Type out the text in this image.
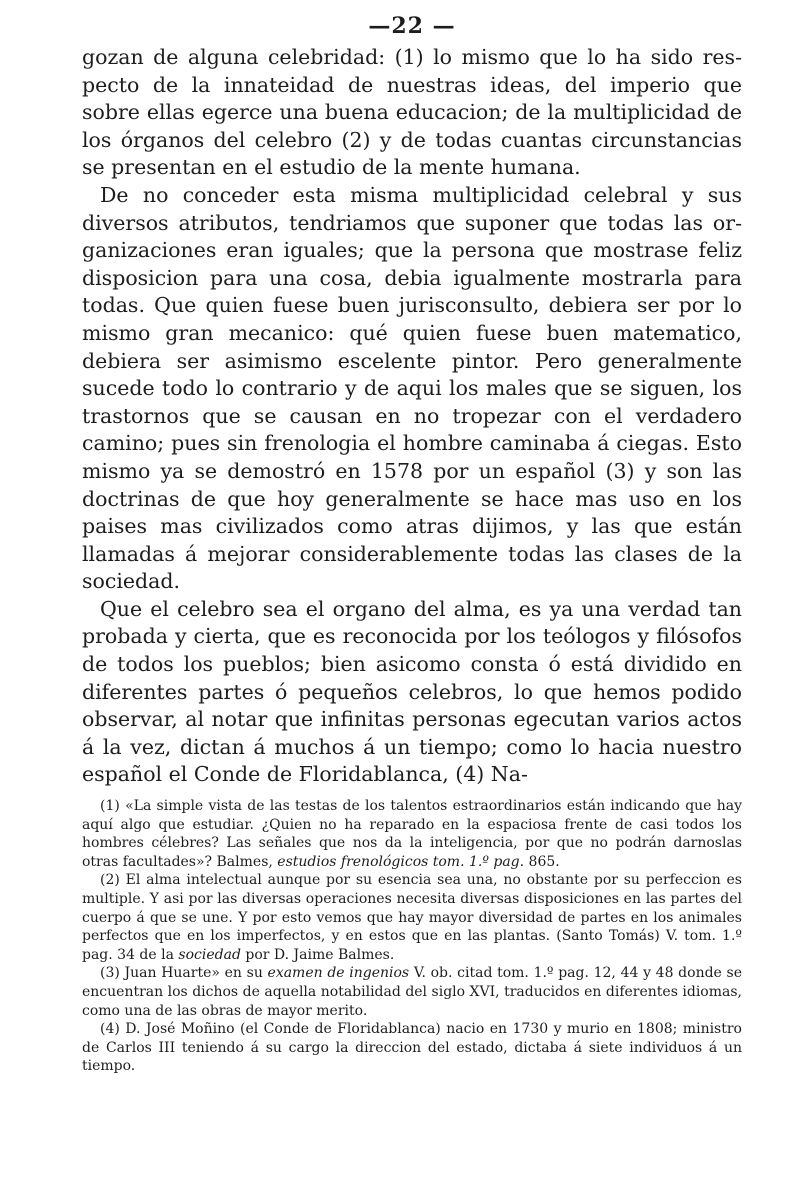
—22 —

gozan de alguna celebridad: (1) lo mismo que lo ha sido respecto de la innateidad de nuestras ideas, del imperio que sobre ellas egerce una buena educacion; de la multiplicidad de los órganos del celebro (2) y de todas cuantas circunstancias se presentan en el estudio de la mente humana.

De no conceder esta misma multiplicidad celebral y sus diversos atributos, tendriamos que suponer que todas las organizaciones eran iguales; que la persona que mostrase feliz disposicion para una cosa, debia igualmente mostrarla para todas. Que quien fuese buen jurisconsulto, debiera ser por lo mismo gran mecanico: qué quien fuese buen matematico, debiera ser asimismo escelente pintor. Pero generalmente sucede todo lo contrario y de aqui los males que se siguen, los trastornos que se causan en no tropezar con el verdadero camino; pues sin frenologia el hombre caminaba á ciegas. Esto mismo ya se demostró en 1578 por un español (3) y son las doctrinas de que hoy generalmente se hace mas uso en los paises mas civilizados como atras dijimos, y las que están llamadas á mejorar considerablemente todas las clases de la sociedad.

Que el celebro sea el organo del alma, es ya una verdad tan probada y cierta, que es reconocida por los teólogos y filósofos de todos los pueblos; bien asicomo consta ó está dividido en diferentes partes ó pequeños celebros, lo que hemos podido observar, al notar que infinitas personas egecutan varios actos á la vez, dictan á muchos á un tiempo; como lo hacia nuestro español el Conde de Floridablanca, (4) Na-

(1) «La simple vista de las testas de los talentos estraordinarios están indicando que hay aquí algo que estudiar. ¿Quien no ha reparado en la espaciosa frente de casi todos los hombres célebres? Las señales que nos da la inteligencia, por que no podrán darnoslas otras facultades»? Balmes, estudios frenológicos tom. 1.º pag. 865.

(2) El alma intelectual aunque por su esencia sea una, no obstante por su perfeccion es multiple. Y asi por las diversas operaciones necesita diversas disposiciones en las partes del cuerpo á que se une. Y por esto vemos que hay mayor diversidad de partes en los animales perfectos que en los imperfectos, y en estos que en las plantas. (Santo Tomás) V. tom. 1.º pag. 34 de la sociedad por D. Jaime Balmes.

(3) Juan Huarte» en su examen de ingenios V. ob. citad tom. 1.º pag. 12, 44 y 48 donde se encuentran los dichos de aquella notabilidad del siglo XVI, traducidos en diferentes idiomas, como una de las obras de mayor merito.

(4) D. José Moñino (el Conde de Floridablanca) nacio en 1730 y murio en 1808; ministro de Carlos III teniendo á su cargo la direccion del estado, dictaba á siete individuos á un tiempo.
